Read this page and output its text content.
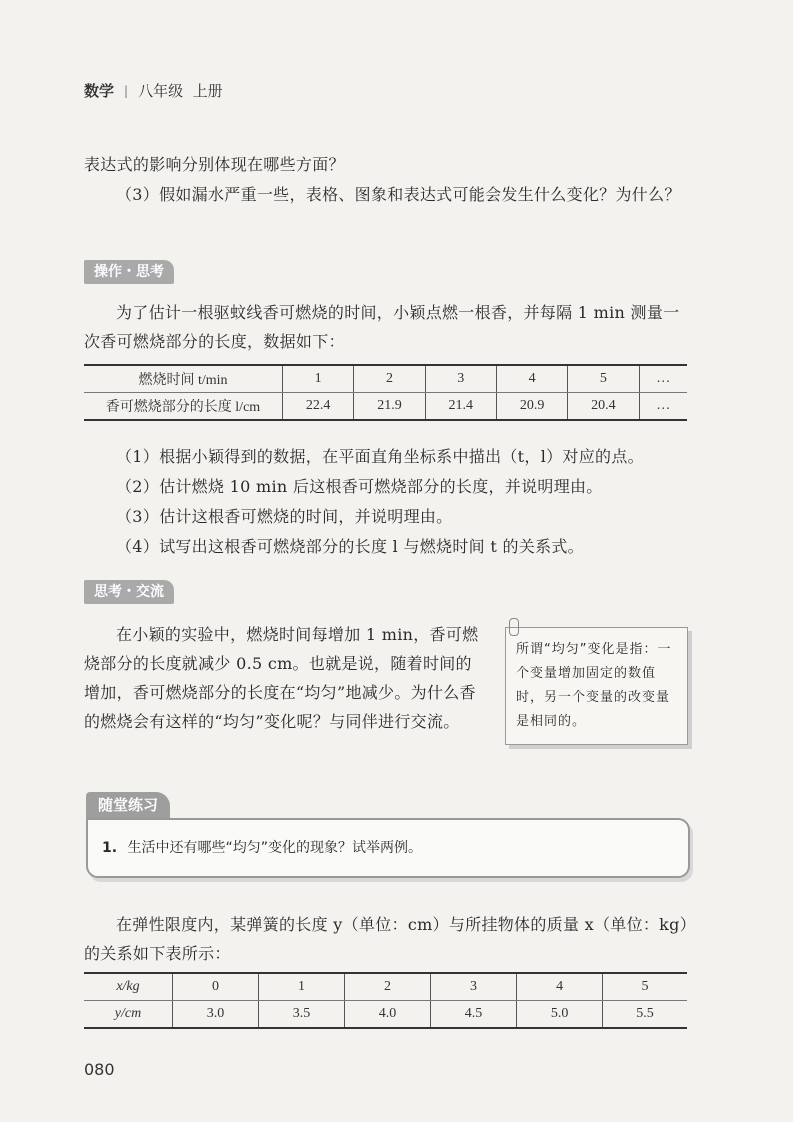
数学 | 八年级  上册
表达式的影响分别体现在哪些方面？
（3）假如漏水严重一些，表格、图象和表达式可能会发生什么变化？为什么？
操作・思考
为了估计一根驱蚊线香可燃烧的时间，小颖点燃一根香，并每隔 1 min 测量一次香可燃烧部分的长度，数据如下：
燃烧时间 t/min	1	2	3	4	5	…
香可燃烧部分的长度 l/cm	22.4	21.9	21.4	20.9	20.4	…
（1）根据小颖得到的数据，在平面直角坐标系中描出（t，l）对应的点。
（2）估计燃烧 10 min 后这根香可燃烧部分的长度，并说明理由。
（3）估计这根香可燃烧的时间，并说明理由。
（4）试写出这根香可燃烧部分的长度 l 与燃烧时间 t 的关系式。
思考・交流
在小颖的实验中，燃烧时间每增加 1 min，香可燃烧部分的长度就减少 0.5 cm。也就是说，随着时间的增加，香可燃烧部分的长度在“均匀”地减少。为什么香的燃烧会有这样的“均匀”变化呢？与同伴进行交流。
所谓“均匀”变化是指：一个变量增加固定的数值时，另一个变量的改变量是相同的。
随堂练习
1. 生活中还有哪些“均匀”变化的现象？试举两例。
在弹性限度内，某弹簧的长度 y（单位：cm）与所挂物体的质量 x（单位：kg）的关系如下表所示：
x/kg	0	1	2	3	4	5
y/cm	3.0	3.5	4.0	4.5	5.0	5.5
080
